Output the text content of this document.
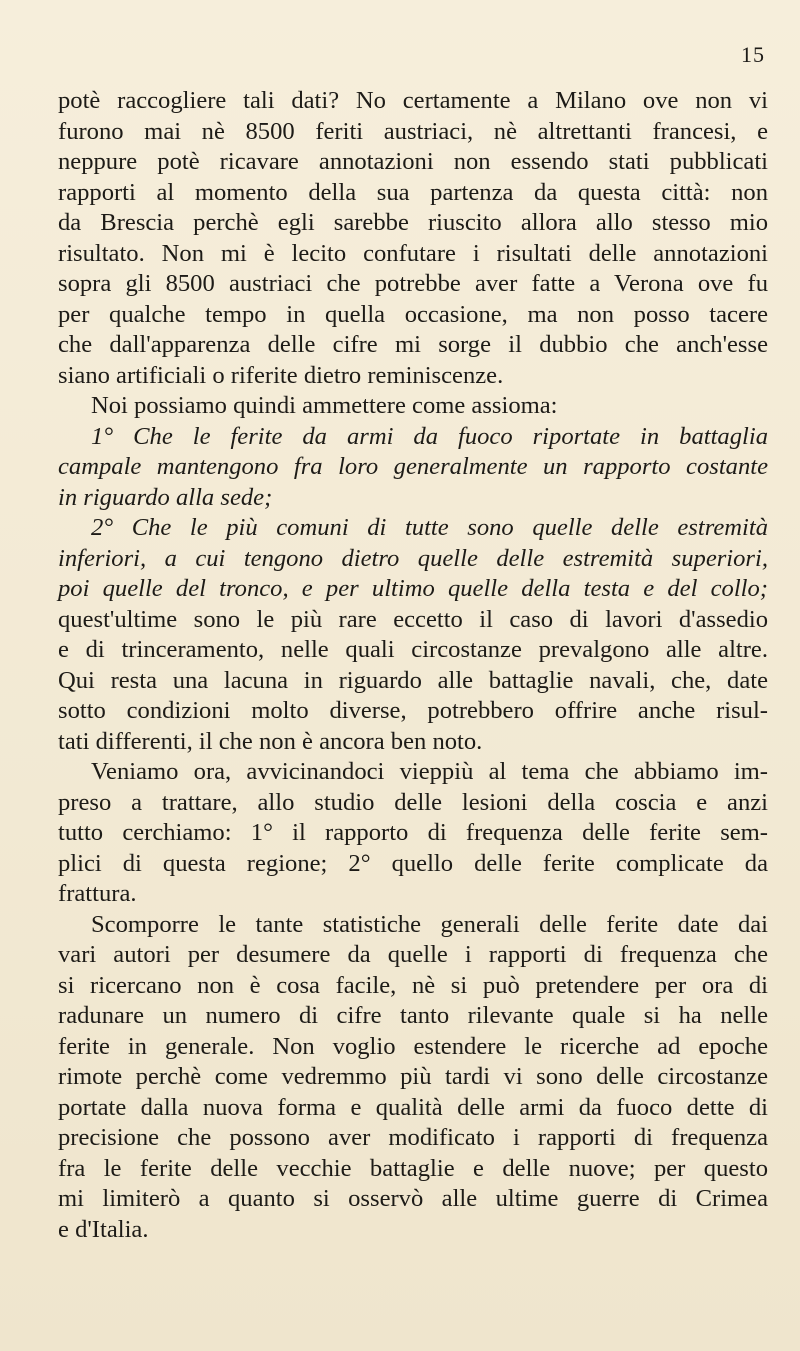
15
potè raccogliere tali dati? No certamente a Milano ove non vi
furono mai nè 8500 feriti austriaci, nè altrettanti francesi, e
neppure potè ricavare annotazioni non essendo stati pubblicati
rapporti al momento della sua partenza da questa città: non
da Brescia perchè egli sarebbe riuscito allora allo stesso mio
risultato. Non mi è lecito confutare i risultati delle annotazioni
sopra gli 8500 austriaci che potrebbe aver fatte a Verona ove fu
per qualche tempo in quella occasione, ma non posso tacere
che dall'apparenza delle cifre mi sorge il dubbio che anch'esse
siano artificiali o riferite dietro reminiscenze.
Noi possiamo quindi ammettere come assioma:
1° Che le ferite da armi da fuoco riportate in battaglia
campale mantengono fra loro generalmente un rapporto costante
in riguardo alla sede;
2° Che le più comuni di tutte sono quelle delle estremità
inferiori, a cui tengono dietro quelle delle estremità superiori,
poi quelle del tronco, e per ultimo quelle della testa e del collo;
quest'ultime sono le più rare eccetto il caso di lavori d'assedio
e di trinceramento, nelle quali circostanze prevalgono alle altre.
Qui resta una lacuna in riguardo alle battaglie navali, che, date
sotto condizioni molto diverse, potrebbero offrire anche risul-
tati differenti, il che non è ancora ben noto.
Veniamo ora, avvicinandoci vieppiù al tema che abbiamo im-
preso a trattare, allo studio delle lesioni della coscia e anzi
tutto cerchiamo: 1° il rapporto di frequenza delle ferite sem-
plici di questa regione; 2° quello delle ferite complicate da
frattura.
Scomporre le tante statistiche generali delle ferite date dai
vari autori per desumere da quelle i rapporti di frequenza che
si ricercano non è cosa facile, nè si può pretendere per ora di
radunare un numero di cifre tanto rilevante quale si ha nelle
ferite in generale. Non voglio estendere le ricerche ad epoche
rimote perchè come vedremmo più tardi vi sono delle circostanze
portate dalla nuova forma e qualità delle armi da fuoco dette di
precisione che possono aver modificato i rapporti di frequenza
fra le ferite delle vecchie battaglie e delle nuove; per questo
mi limiterò a quanto si osservò alle ultime guerre di Crimea
e d'Italia.
